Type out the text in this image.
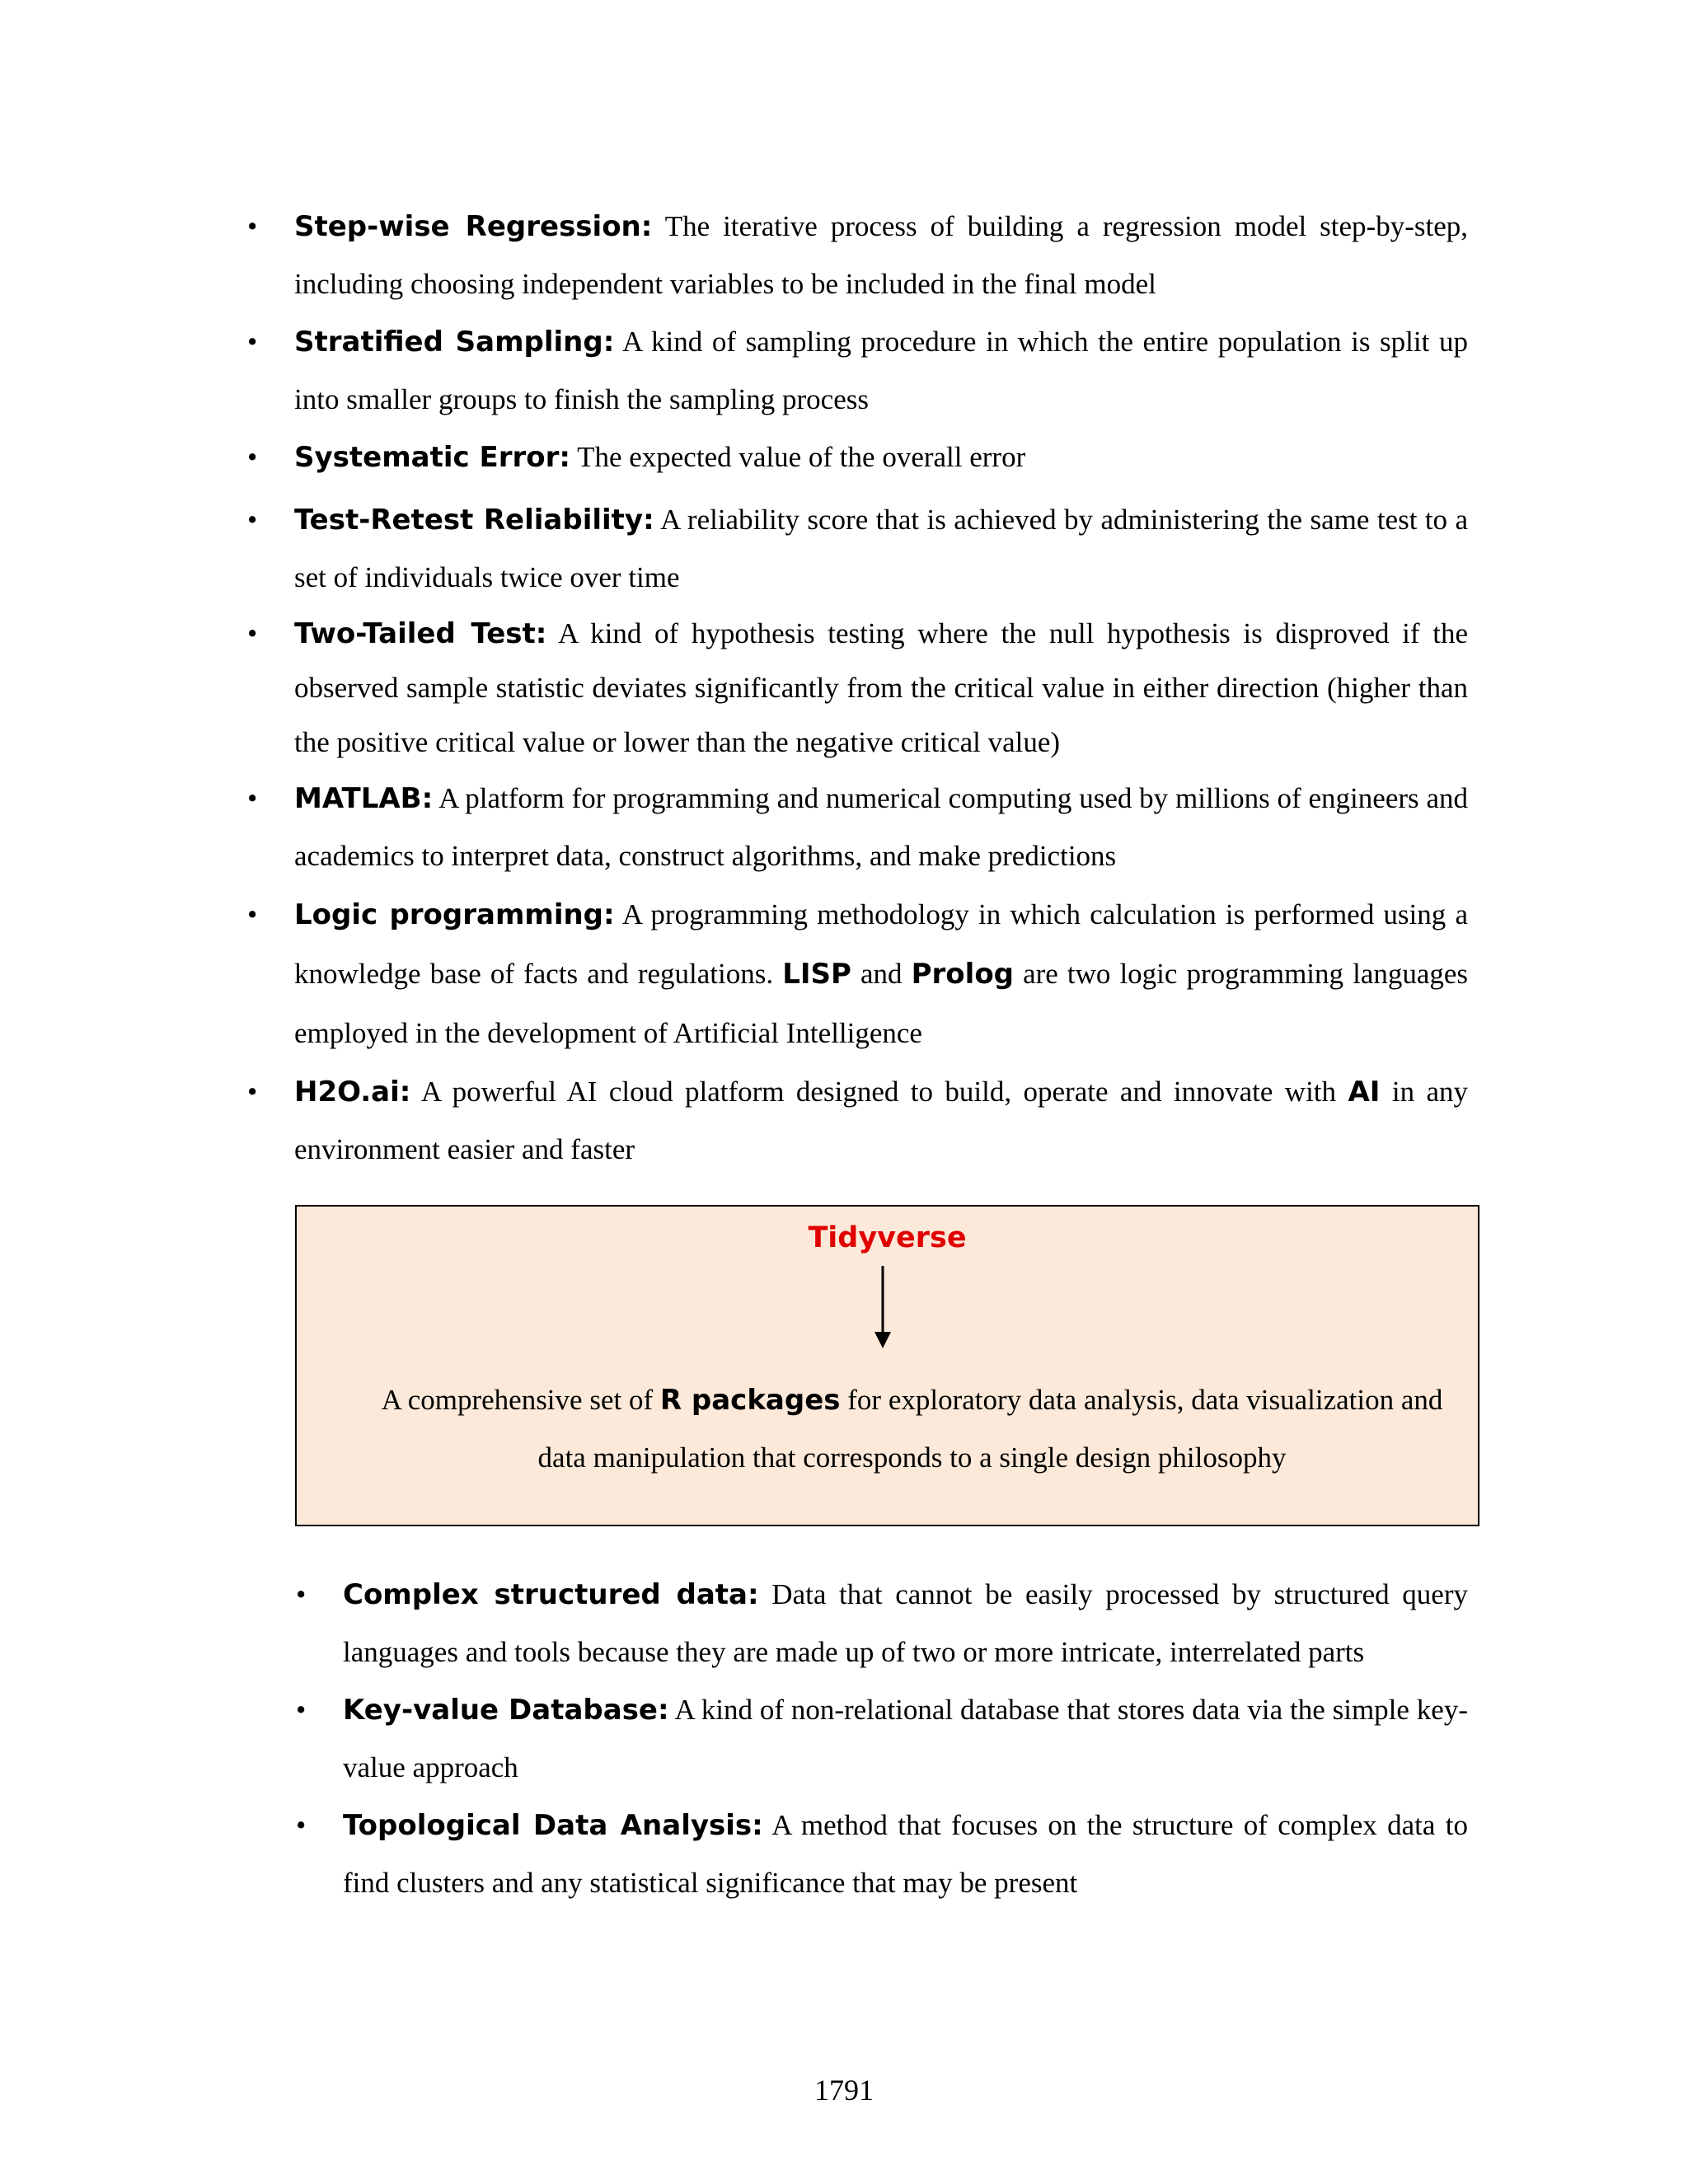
• Step-wise Regression: The iterative process of building a regression model step-by-step, including choosing independent variables to be included in the final model
• Stratified Sampling: A kind of sampling procedure in which the entire population is split up into smaller groups to finish the sampling process
• Systematic Error: The expected value of the overall error
• Test-Retest Reliability: A reliability score that is achieved by administering the same test to a set of individuals twice over time
• Two-Tailed Test: A kind of hypothesis testing where the null hypothesis is disproved if the observed sample statistic deviates significantly from the critical value in either direction (higher than the positive critical value or lower than the negative critical value)
• MATLAB: A platform for programming and numerical computing used by millions of engineers and academics to interpret data, construct algorithms, and make predictions
• Logic programming: A programming methodology in which calculation is performed using a knowledge base of facts and regulations. LISP and Prolog are two logic programming languages employed in the development of Artificial Intelligence
• H2O.ai: A powerful AI cloud platform designed to build, operate and innovate with AI in any environment easier and faster
Tidyverse
A comprehensive set of R packages for exploratory data analysis, data visualization and data manipulation that corresponds to a single design philosophy
• Complex structured data: Data that cannot be easily processed by structured query languages and tools because they are made up of two or more intricate, interrelated parts
• Key-value Database: A kind of non-relational database that stores data via the simple key-value approach
• Topological Data Analysis: A method that focuses on the structure of complex data to find clusters and any statistical significance that may be present
1791
